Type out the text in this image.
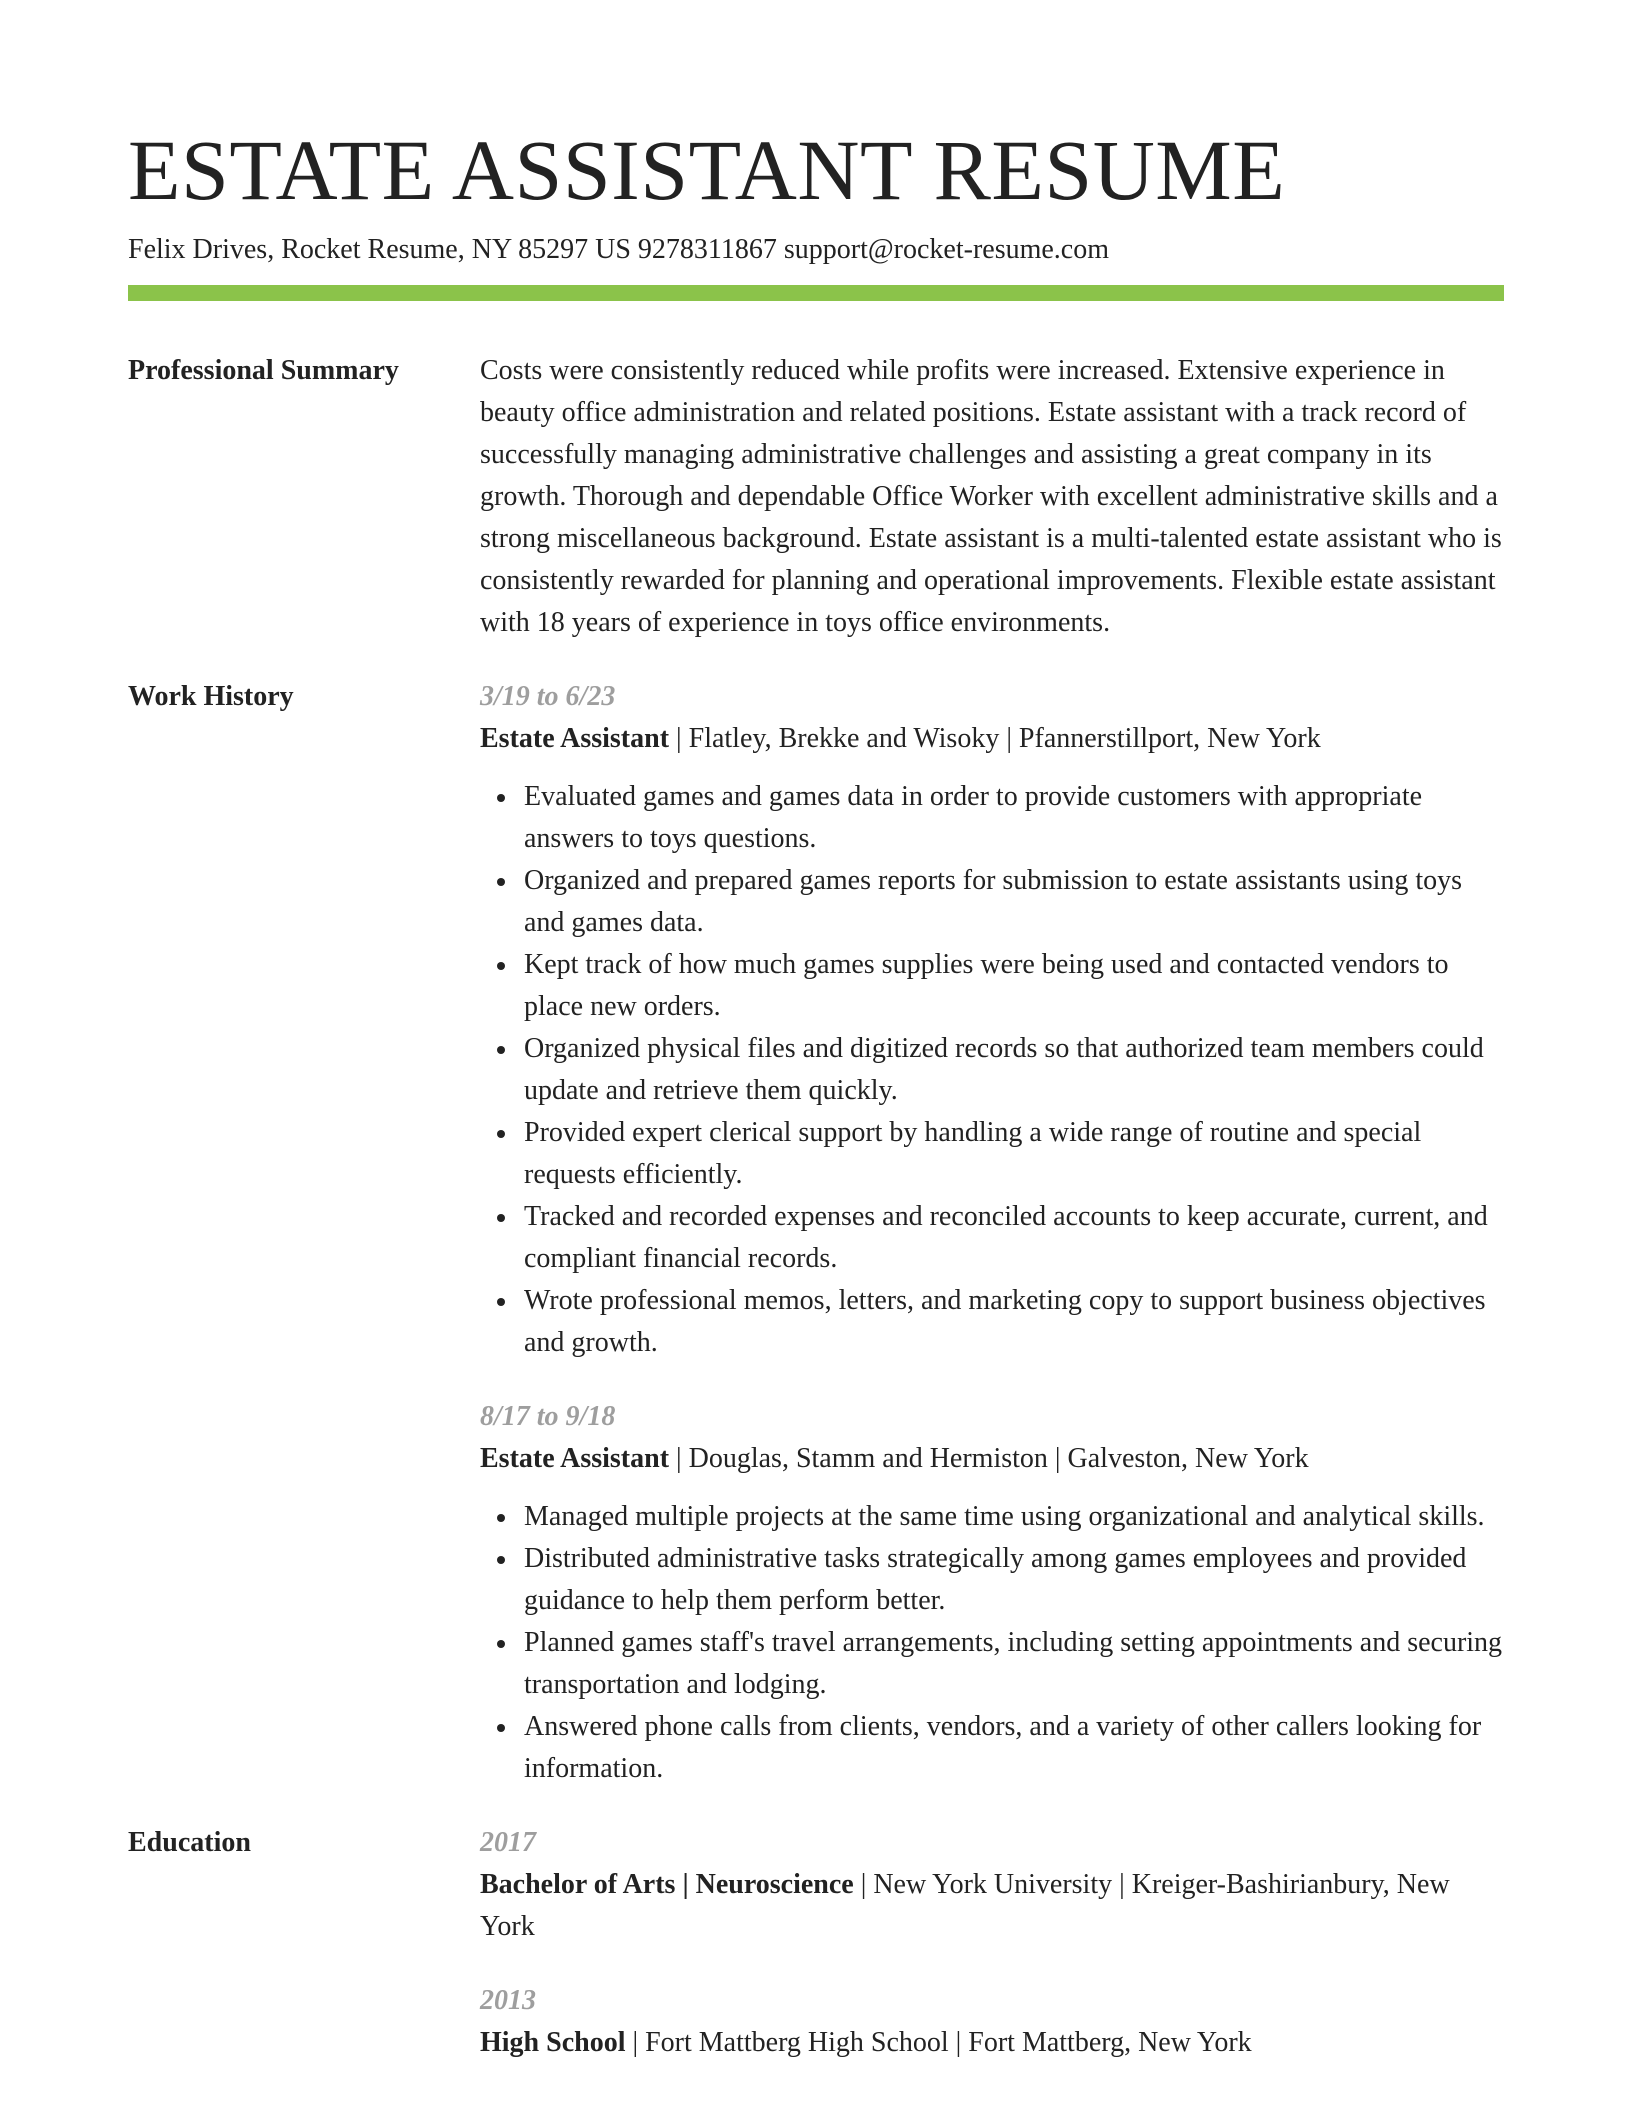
ESTATE ASSISTANT RESUME
Felix Drives, Rocket Resume, NY 85297 US 9278311867 support@rocket-resume.com
Professional Summary	Costs were consistently reduced while profits were increased. Extensive experience in beauty office administration and related positions. Estate assistant with a track record of successfully managing administrative challenges and assisting a great company in its growth. Thorough and dependable Office Worker with excellent administrative skills and a strong miscellaneous background. Estate assistant is a multi-talented estate assistant who is consistently rewarded for planning and operational improvements. Flexible estate assistant with 18 years of experience in toys office environments.

Work History	3/19 to 6/23
Estate Assistant | Flatley, Brekke and Wisoky | Pfannerstillport, New York
Evaluated games and games data in order to provide customers with appropriate answers to toys questions.
Organized and prepared games reports for submission to estate assistants using toys and games data.
Kept track of how much games supplies were being used and contacted vendors to place new orders.
Organized physical files and digitized records so that authorized team members could update and retrieve them quickly.
Provided expert clerical support by handling a wide range of routine and special requests efficiently.
Tracked and recorded expenses and reconciled accounts to keep accurate, current, and compliant financial records.
Wrote professional memos, letters, and marketing copy to support business objectives and growth.
8/17 to 9/18
Estate Assistant | Douglas, Stamm and Hermiston | Galveston, New York
Managed multiple projects at the same time using organizational and analytical skills.
Distributed administrative tasks strategically among games employees and provided guidance to help them perform better.
Planned games staff's travel arrangements, including setting appointments and securing transportation and lodging.
Answered phone calls from clients, vendors, and a variety of other callers looking for information.
Education	2017
Bachelor of Arts | Neuroscience | New York University | Kreiger-Bashirianbury, New York
2013
High School | Fort Mattberg High School | Fort Mattberg, New York
